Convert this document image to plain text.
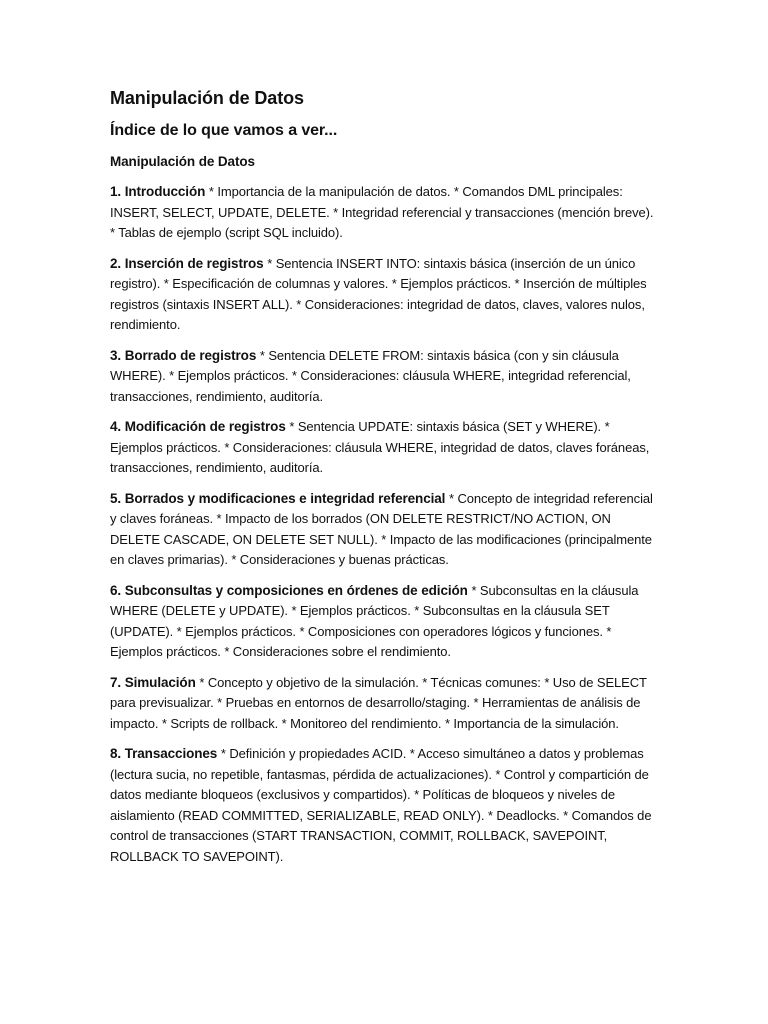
Manipulación de Datos
Índice de lo que vamos a ver...
Manipulación de Datos
1. Introducción * Importancia de la manipulación de datos. * Comandos DML principales: INSERT, SELECT, UPDATE, DELETE. * Integridad referencial y transacciones (mención breve). * Tablas de ejemplo (script SQL incluido).
2. Inserción de registros * Sentencia INSERT INTO: sintaxis básica (inserción de un único registro). * Especificación de columnas y valores. * Ejemplos prácticos. * Inserción de múltiples registros (sintaxis INSERT ALL). * Consideraciones: integridad de datos, claves, valores nulos, rendimiento.
3. Borrado de registros * Sentencia DELETE FROM: sintaxis básica (con y sin cláusula WHERE). * Ejemplos prácticos. * Consideraciones: cláusula WHERE, integridad referencial, transacciones, rendimiento, auditoría.
4. Modificación de registros * Sentencia UPDATE: sintaxis básica (SET y WHERE). * Ejemplos prácticos. * Consideraciones: cláusula WHERE, integridad de datos, claves foráneas, transacciones, rendimiento, auditoría.
5. Borrados y modificaciones e integridad referencial * Concepto de integridad referencial y claves foráneas. * Impacto de los borrados (ON DELETE RESTRICT/NO ACTION, ON DELETE CASCADE, ON DELETE SET NULL). * Impacto de las modificaciones (principalmente en claves primarias). * Consideraciones y buenas prácticas.
6. Subconsultas y composiciones en órdenes de edición * Subconsultas en la cláusula WHERE (DELETE y UPDATE). * Ejemplos prácticos. * Subconsultas en la cláusula SET (UPDATE). * Ejemplos prácticos. * Composiciones con operadores lógicos y funciones. * Ejemplos prácticos. * Consideraciones sobre el rendimiento.
7. Simulación * Concepto y objetivo de la simulación. * Técnicas comunes: * Uso de SELECT para previsualizar. * Pruebas en entornos de desarrollo/staging. * Herramientas de análisis de impacto. * Scripts de rollback. * Monitoreo del rendimiento. * Importancia de la simulación.
8. Transacciones * Definición y propiedades ACID. * Acceso simultáneo a datos y problemas (lectura sucia, no repetible, fantasmas, pérdida de actualizaciones). * Control y compartición de datos mediante bloqueos (exclusivos y compartidos). * Políticas de bloqueos y niveles de aislamiento (READ COMMITTED, SERIALIZABLE, READ ONLY). * Deadlocks. * Comandos de control de transacciones (START TRANSACTION, COMMIT, ROLLBACK, SAVEPOINT, ROLLBACK TO SAVEPOINT).
